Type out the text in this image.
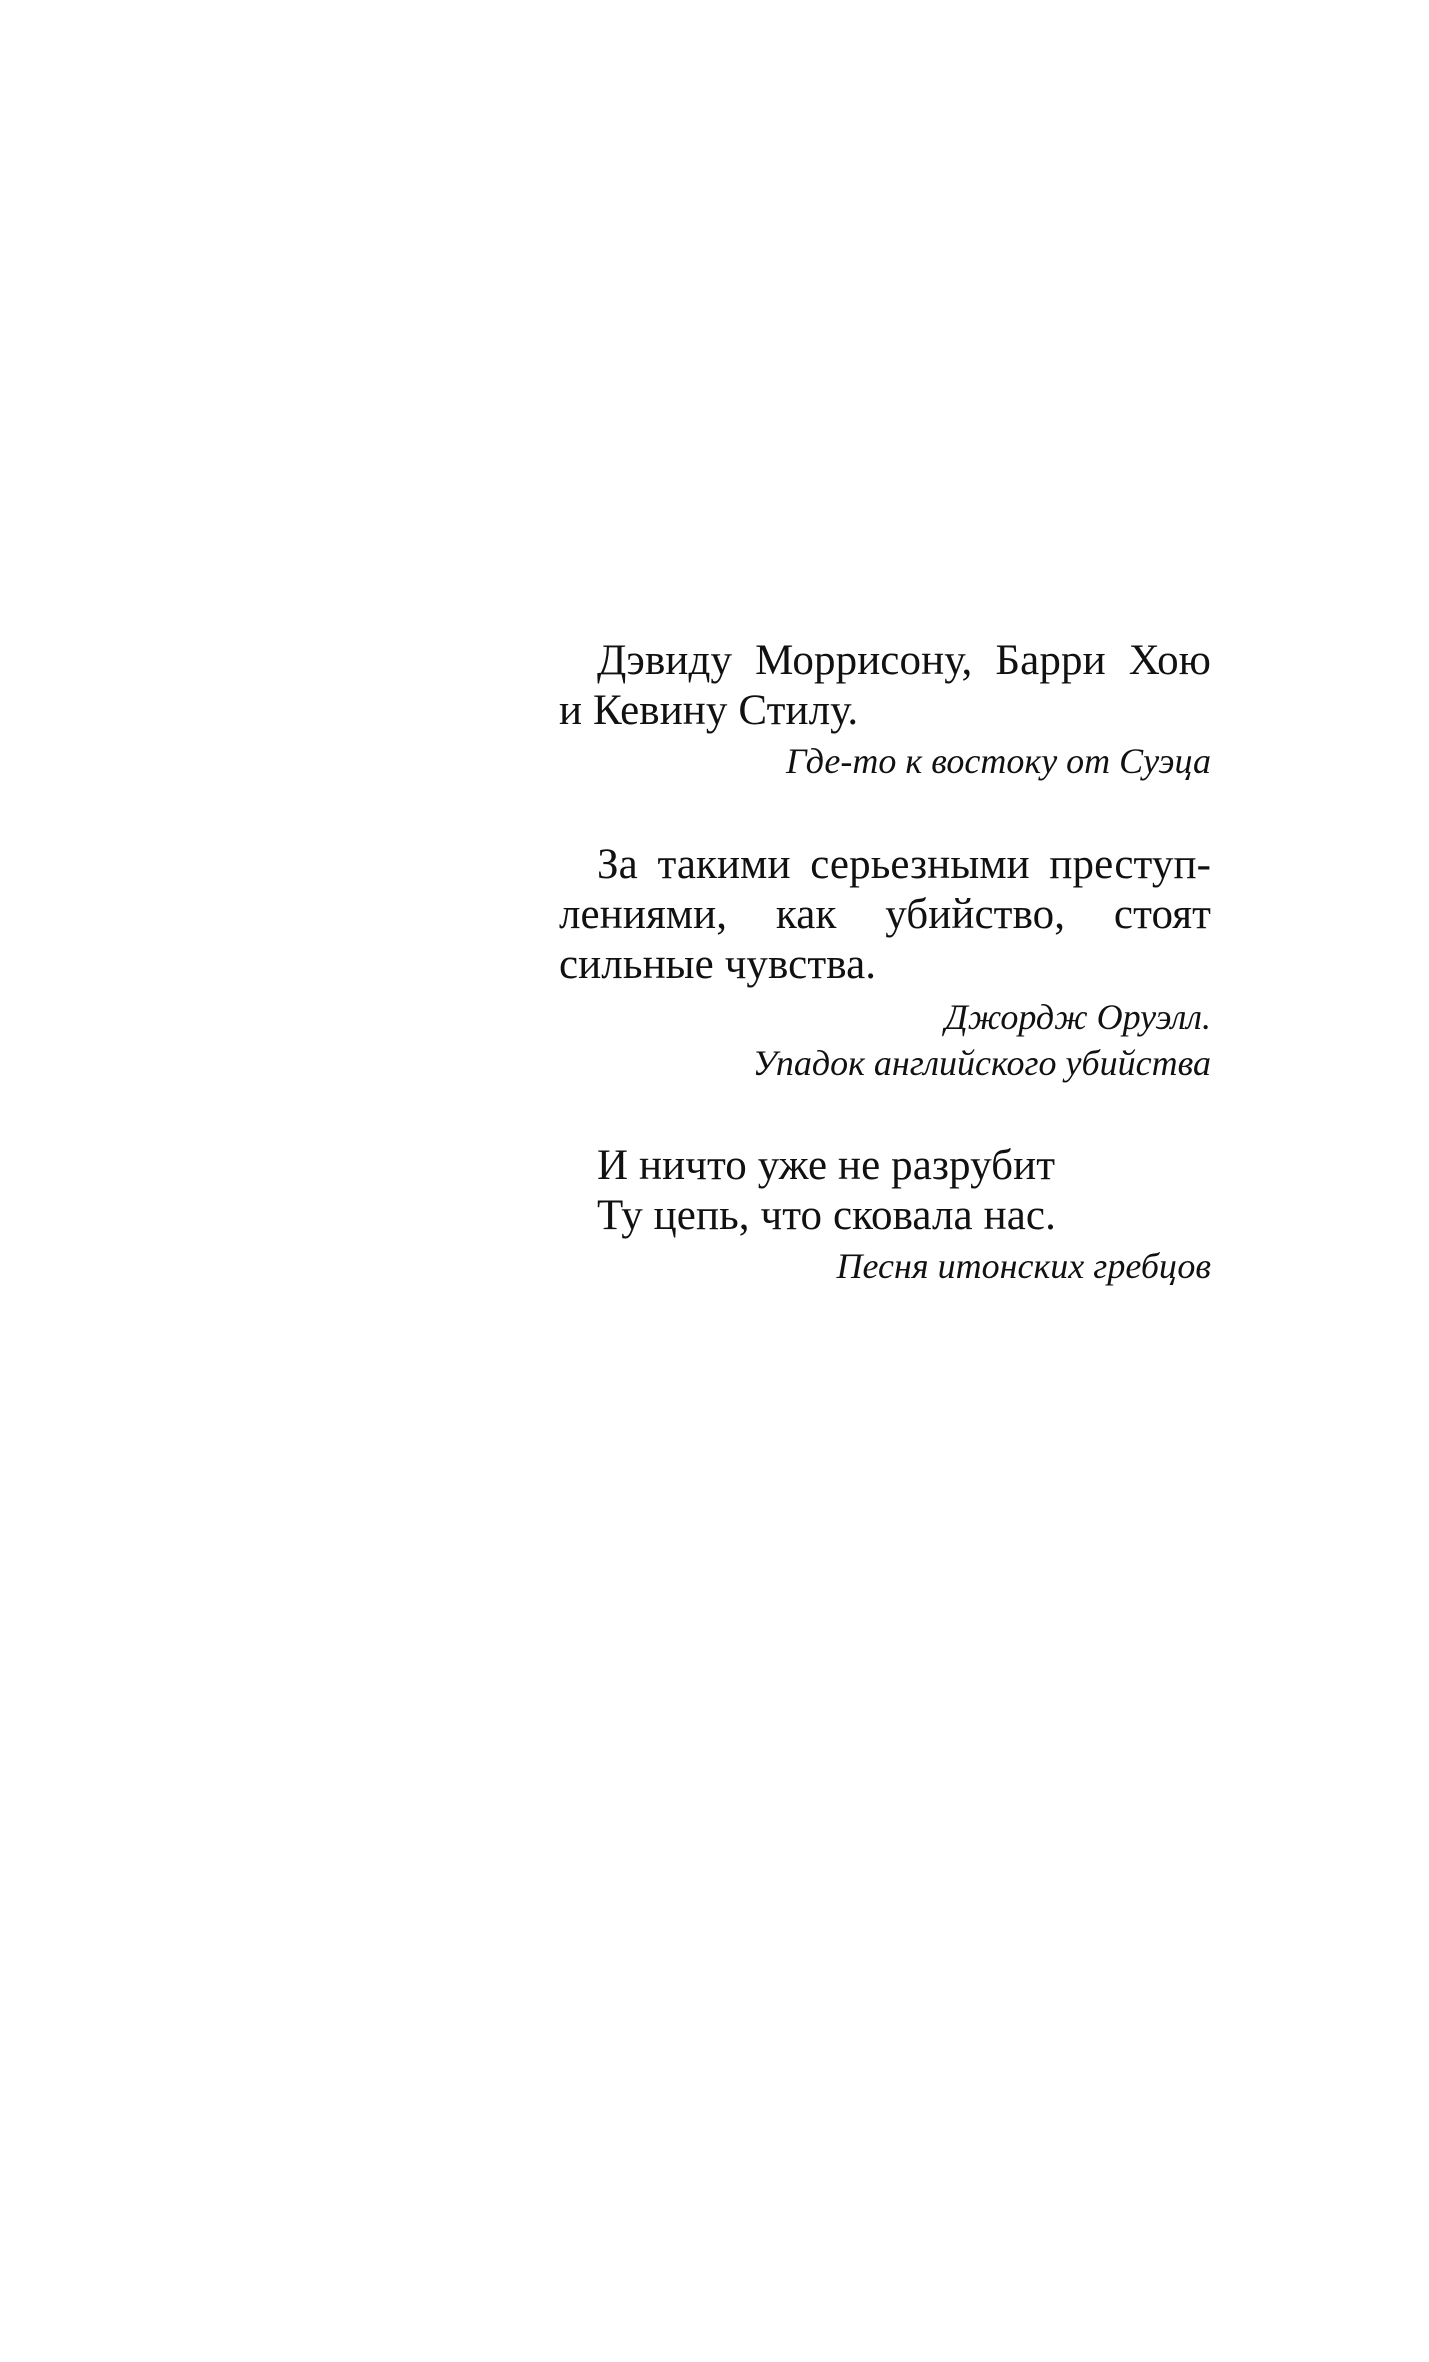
Дэвиду Моррисону, Барри Хою
и Кевину Стилу.
Где-то к востоку от Суэца
За такими серьезными преступ-
лениями, как убийство, стоят
сильные чувства.
Джордж Оруэлл.
Упадок английского убийства
И ничто уже не разрубит
Ту цепь, что сковала нас.
Песня итонских гребцов
